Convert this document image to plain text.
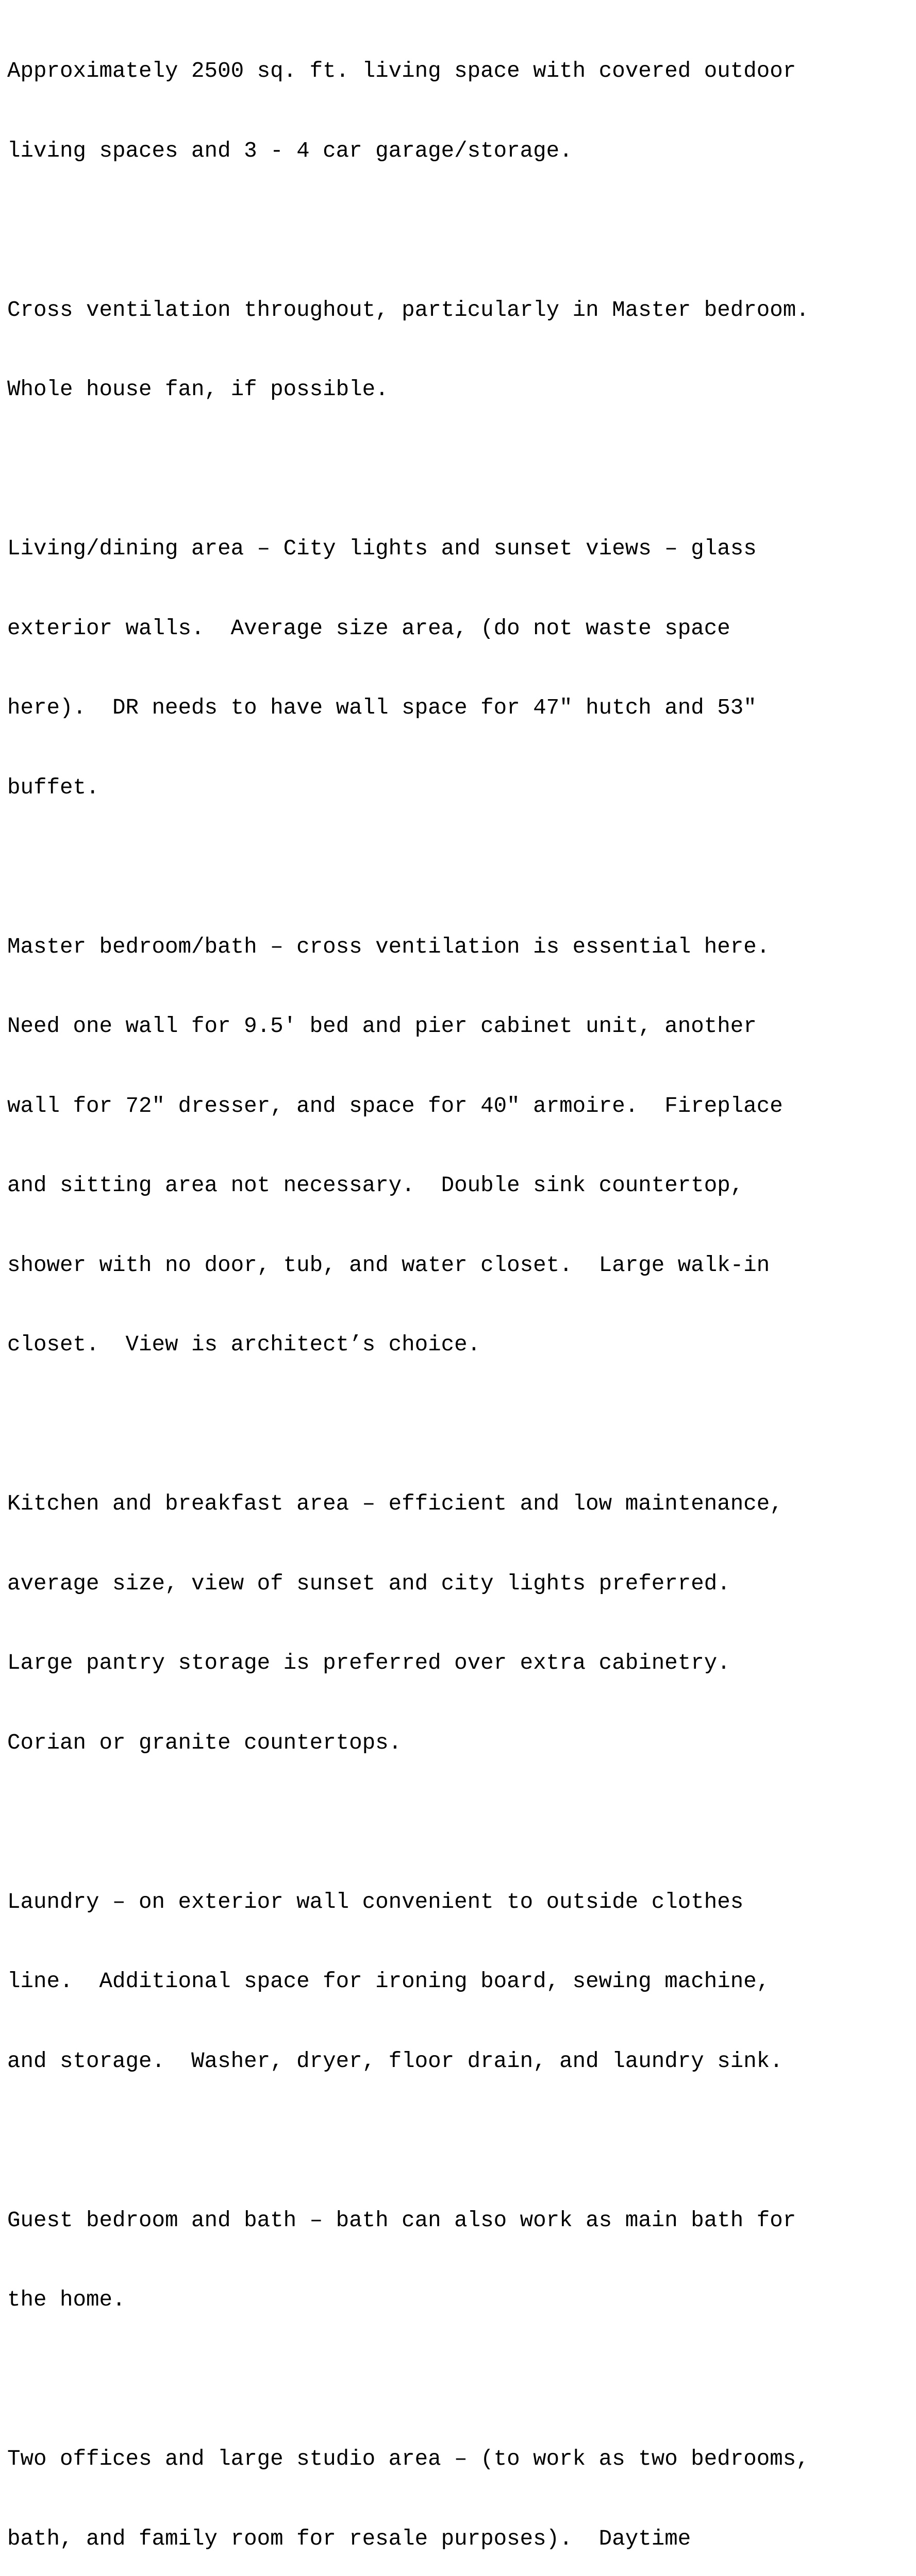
Approximately 2500 sq. ft. living space with covered outdoor

living spaces and 3 - 4 car garage/storage.

Cross ventilation throughout, particularly in Master bedroom.

Whole house fan, if possible.

Living/dining area – City lights and sunset views – glass

exterior walls.  Average size area, (do not waste space

here).  DR needs to have wall space for 47″ hutch and 53″

buffet.

Master bedroom/bath – cross ventilation is essential here.

Need one wall for 9.5′ bed and pier cabinet unit, another

wall for 72″ dresser, and space for 40″ armoire.  Fireplace

and sitting area not necessary.  Double sink countertop,

shower with no door, tub, and water closet.  Large walk-in

closet.  View is architect’s choice.

Kitchen and breakfast area – efficient and low maintenance,

average size, view of sunset and city lights preferred.

Large pantry storage is preferred over extra cabinetry.

Corian or granite countertops.

Laundry – on exterior wall convenient to outside clothes

line.  Additional space for ironing board, sewing machine,

and storage.  Washer, dryer, floor drain, and laundry sink.

Guest bedroom and bath – bath can also work as main bath for

the home.

Two offices and large studio area – (to work as two bedrooms,

bath, and family room for resale purposes).  Daytime
